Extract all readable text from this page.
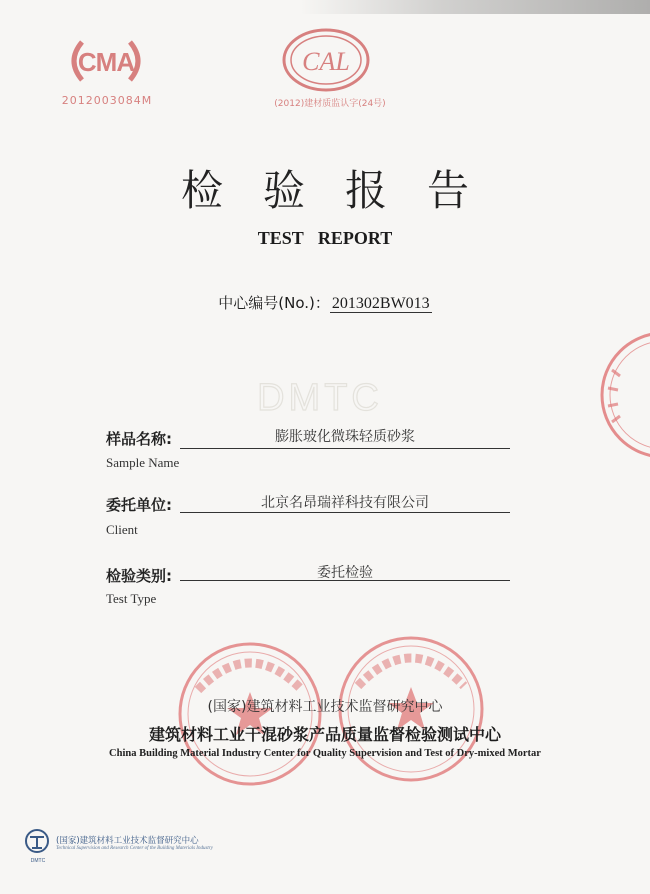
CMA
2012003084M
CAL
(2012)建材质监认字(24号)
检验报告
TEST REPORT
中心编号(No.)： 201302BW013
DMTC
样品名称:	膨胀玻化微珠轻质砂浆
Sample Name
委托单位:	北京名昂瑞祥科技有限公司
Client
检验类别:	委托检验
Test Type
(国家)建筑材料工业技术监督研究中心
建筑材料工业干混砂浆产品质量监督检验测试中心
China Building Material Industry Center for Quality Supervision and Test of Dry-mixed Mortar
DMTC
(国家)建筑材料工业技术监督研究中心
Technical Supervision and Research Center of the Building Materials Industry
